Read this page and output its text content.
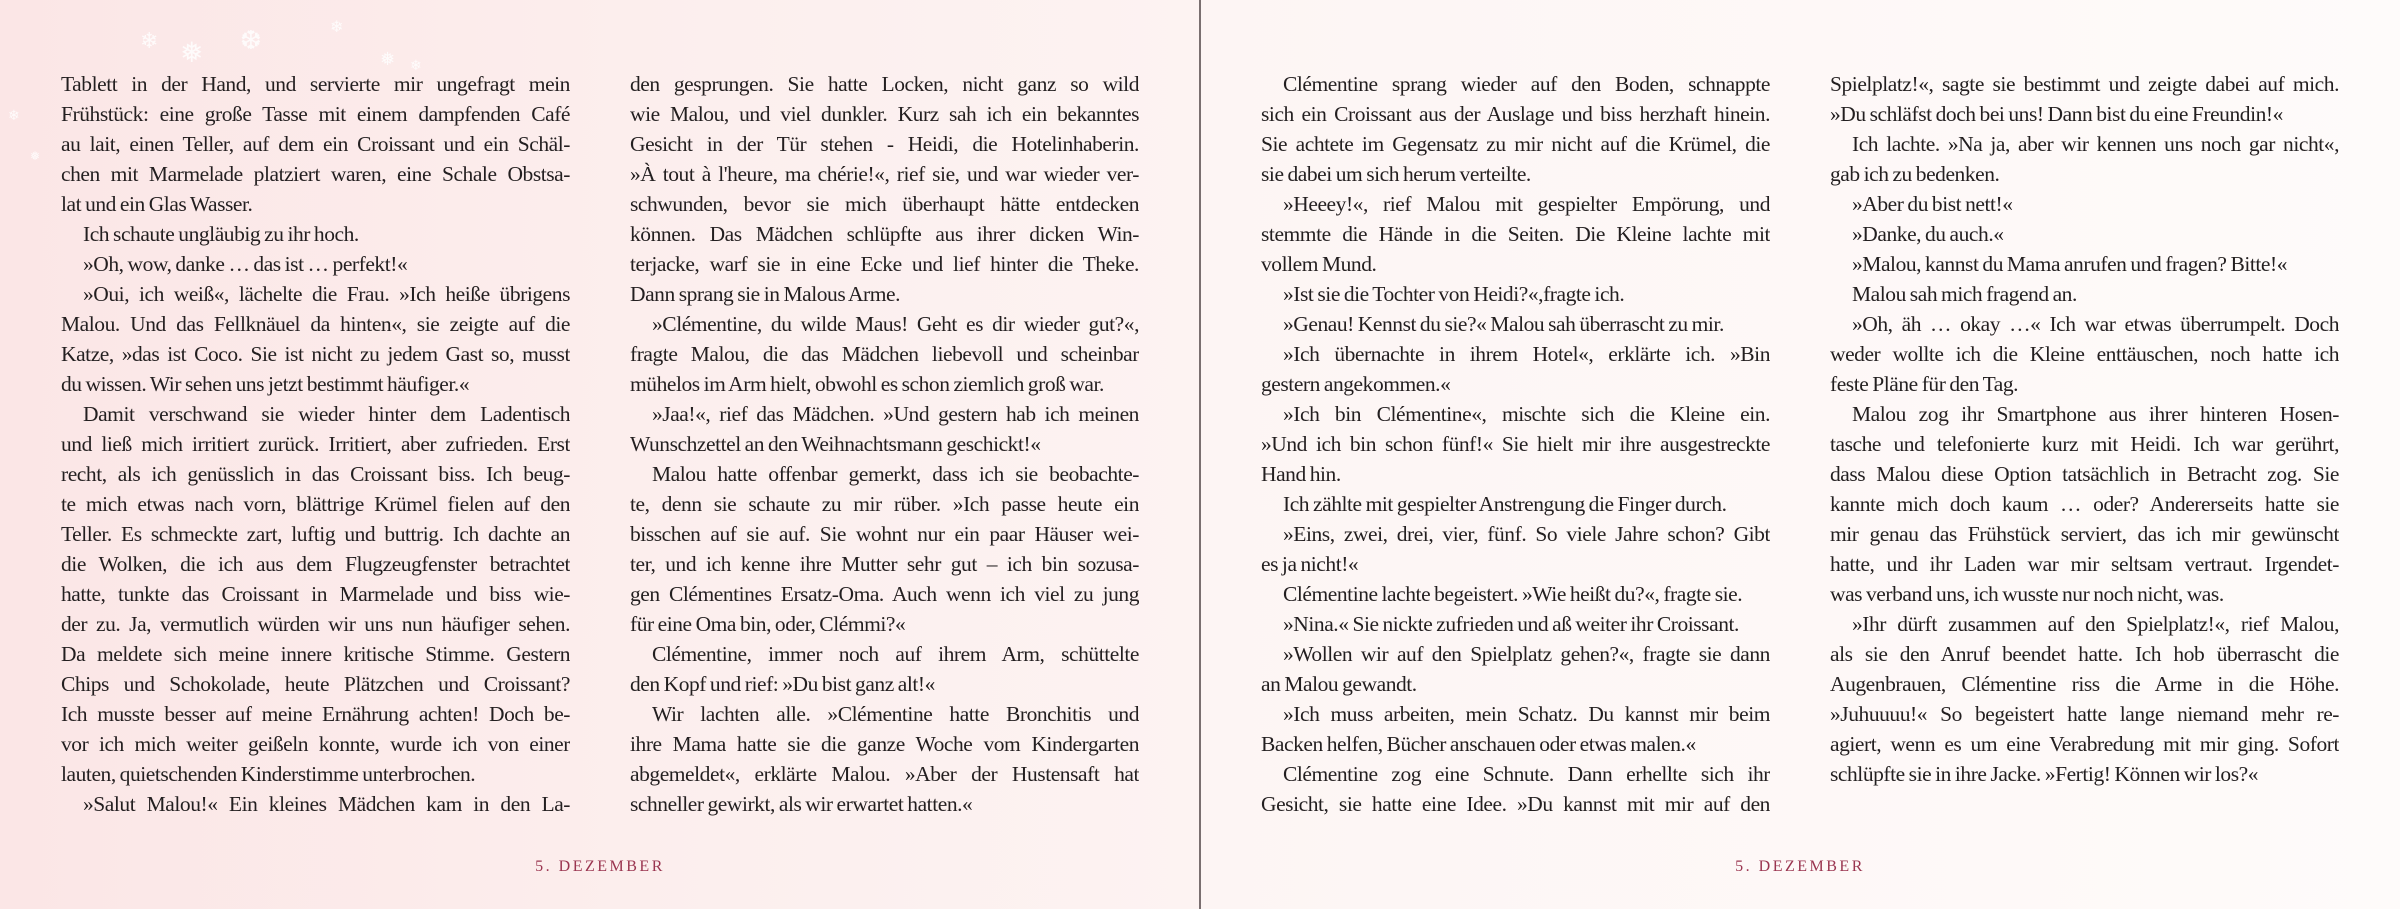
❄ ❅ ❆	❄
❅ ❄
❄
❅
Tablett in der Hand, und servierte mir ungefragt mein
Frühstück: eine große Tasse mit einem dampfenden Café
au lait, einen Teller, auf dem ein Croissant und ein Schäl-
chen mit Marmelade platziert waren, eine Schale Obstsa-
lat und ein Glas Wasser.
Ich schaute ungläubig zu ihr hoch.
»Oh, wow, danke … das ist … perfekt!«
»Oui, ich weiß«, lächelte die Frau. »Ich heiße übrigens
Malou. Und das Fellknäuel da hinten«, sie zeigte auf die
Katze, »das ist Coco. Sie ist nicht zu jedem Gast so, musst
du wissen. Wir sehen uns jetzt bestimmt häufiger.«
Damit verschwand sie wieder hinter dem Ladentisch
und ließ mich irritiert zurück. Irritiert, aber zufrieden. Erst
recht, als ich genüsslich in das Croissant biss. Ich beug-
te mich etwas nach vorn, blättrige Krümel fielen auf den
Teller. Es schmeckte zart, luftig und buttrig. Ich dachte an
die Wolken, die ich aus dem Flugzeugfenster betrachtet
hatte, tunkte das Croissant in Marmelade und biss wie-
der zu. Ja, vermutlich würden wir uns nun häufiger sehen.
Da meldete sich meine innere kritische Stimme. Gestern
Chips und Schokolade, heute Plätzchen und Croissant?
Ich musste besser auf meine Ernährung achten! Doch be-
vor ich mich weiter geißeln konnte, wurde ich von einer
lauten, quietschenden Kinderstimme unterbrochen.
»Salut Malou!« Ein kleines Mädchen kam in den La-
den gesprungen. Sie hatte Locken, nicht ganz so wild
wie Malou, und viel dunkler. Kurz sah ich ein bekanntes
Gesicht in der Tür stehen - Heidi, die Hotelinhaberin.
»À tout à l'heure, ma chérie!«, rief sie, und war wieder ver-
schwunden, bevor sie mich überhaupt hätte entdecken
können. Das Mädchen schlüpfte aus ihrer dicken Win-
terjacke, warf sie in eine Ecke und lief hinter die Theke.
Dann sprang sie in Malous Arme.
»Clémentine, du wilde Maus! Geht es dir wieder gut?«,
fragte Malou, die das Mädchen liebevoll und scheinbar
mühelos im Arm hielt, obwohl es schon ziemlich groß war.
»Jaa!«, rief das Mädchen. »Und gestern hab ich meinen
Wunschzettel an den Weihnachtsmann geschickt!«
Malou hatte offenbar gemerkt, dass ich sie beobachte-
te, denn sie schaute zu mir rüber. »Ich passe heute ein
bisschen auf sie auf. Sie wohnt nur ein paar Häuser wei-
ter, und ich kenne ihre Mutter sehr gut – ich bin sozusa-
gen Clémentines Ersatz-Oma. Auch wenn ich viel zu jung
für eine Oma bin, oder, Clémmi?«
Clémentine, immer noch auf ihrem Arm, schüttelte
den Kopf und rief: »Du bist ganz alt!«
Wir lachten alle. »Clémentine hatte Bronchitis und
ihre Mama hatte sie die ganze Woche vom Kindergarten
abgemeldet«, erklärte Malou. »Aber der Hustensaft hat
schneller gewirkt, als wir erwartet hatten.«
5. DEZEMBER
Clémentine sprang wieder auf den Boden, schnappte
sich ein Croissant aus der Auslage und biss herzhaft hinein.
Sie achtete im Gegensatz zu mir nicht auf die Krümel, die
sie dabei um sich herum verteilte.
»Heeey!«, rief Malou mit gespielter Empörung, und
stemmte die Hände in die Seiten. Die Kleine lachte mit
vollem Mund.
»Ist sie die Tochter von Heidi?«,fragte ich.
»Genau! Kennst du sie?« Malou sah überrascht zu mir.
»Ich übernachte in ihrem Hotel«, erklärte ich. »Bin
gestern angekommen.«
»Ich bin Clémentine«, mischte sich die Kleine ein.
»Und ich bin schon fünf!« Sie hielt mir ihre ausgestreckte
Hand hin.
Ich zählte mit gespielter Anstrengung die Finger durch.
»Eins, zwei, drei, vier, fünf. So viele Jahre schon? Gibt
es ja nicht!«
Clémentine lachte begeistert. »Wie heißt du?«, fragte sie.
»Nina.« Sie nickte zufrieden und aß weiter ihr Croissant.
»Wollen wir auf den Spielplatz gehen?«, fragte sie dann
an Malou gewandt.
»Ich muss arbeiten, mein Schatz. Du kannst mir beim
Backen helfen, Bücher anschauen oder etwas malen.«
Clémentine zog eine Schnute. Dann erhellte sich ihr
Gesicht, sie hatte eine Idee. »Du kannst mit mir auf den
Spielplatz!«, sagte sie bestimmt und zeigte dabei auf mich.
»Du schläfst doch bei uns! Dann bist du eine Freundin!«
Ich lachte. »Na ja, aber wir kennen uns noch gar nicht«,
gab ich zu bedenken.
»Aber du bist nett!«
»Danke, du auch.«
»Malou, kannst du Mama anrufen und fragen? Bitte!«
Malou sah mich fragend an.
»Oh, äh … okay …« Ich war etwas überrumpelt. Doch
weder wollte ich die Kleine enttäuschen, noch hatte ich
feste Pläne für den Tag.
Malou zog ihr Smartphone aus ihrer hinteren Hosen-
tasche und telefonierte kurz mit Heidi. Ich war gerührt,
dass Malou diese Option tatsächlich in Betracht zog. Sie
kannte mich doch kaum … oder? Andererseits hatte sie
mir genau das Frühstück serviert, das ich mir gewünscht
hatte, und ihr Laden war mir seltsam vertraut. Irgendet-
was verband uns, ich wusste nur noch nicht, was.
»Ihr dürft zusammen auf den Spielplatz!«, rief Malou,
als sie den Anruf beendet hatte. Ich hob überrascht die
Augenbrauen, Clémentine riss die Arme in die Höhe.
»Juhuuuu!« So begeistert hatte lange niemand mehr re-
agiert, wenn es um eine Verabredung mit mir ging. Sofort
schlüpfte sie in ihre Jacke. »Fertig! Können wir los?«
5. DEZEMBER
